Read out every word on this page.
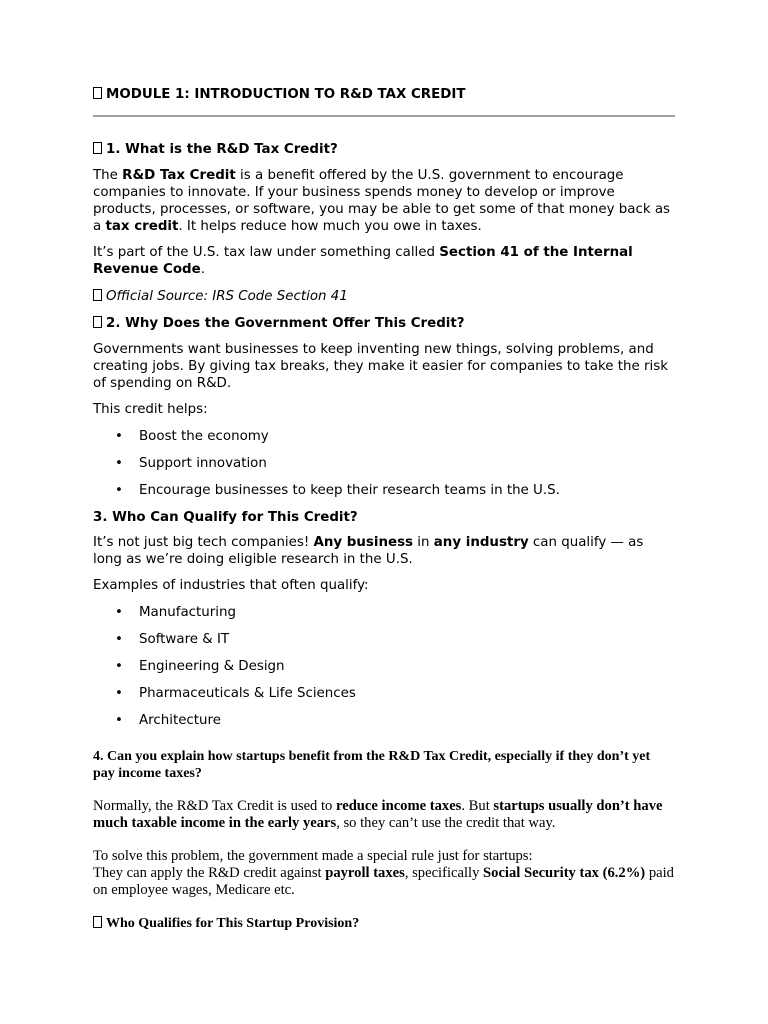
MODULE 1: INTRODUCTION TO R&D TAX CREDIT
1. What is the R&D Tax Credit?

The R&D Tax Credit is a benefit offered by the U.S. government to encourage companies to innovate. If your business spends money to develop or improve products, processes, or software, you may be able to get some of that money back as a tax credit. It helps reduce how much you owe in taxes.

It’s part of the U.S. tax law under something called Section 41 of the Internal Revenue Code.

Official Source: IRS Code Section 41

2. Why Does the Government Offer This Credit?

Governments want businesses to keep inventing new things, solving problems, and creating jobs. By giving tax breaks, they make it easier for companies to take the risk of spending on R&D.

This credit helps:

• Boost the economy
• Support innovation
• Encourage businesses to keep their research teams in the U.S.
3. Who Can Qualify for This Credit?

It’s not just big tech companies! Any business in any industry can qualify — as long as we’re doing eligible research in the U.S.

Examples of industries that often qualify:

• Manufacturing
• Software & IT
• Engineering & Design
• Pharmaceuticals & Life Sciences
• Architecture

4. Can you explain how startups benefit from the R&D Tax Credit, especially if they don’t yet pay income taxes?

Normally, the R&D Tax Credit is used to reduce income taxes. But startups usually don’t have much taxable income in the early years, so they can’t use the credit that way.

To solve this problem, the government made a special rule just for startups:
They can apply the R&D credit against payroll taxes, specifically Social Security tax (6.2%) paid on employee wages, Medicare etc.

Who Qualifies for This Startup Provision?
